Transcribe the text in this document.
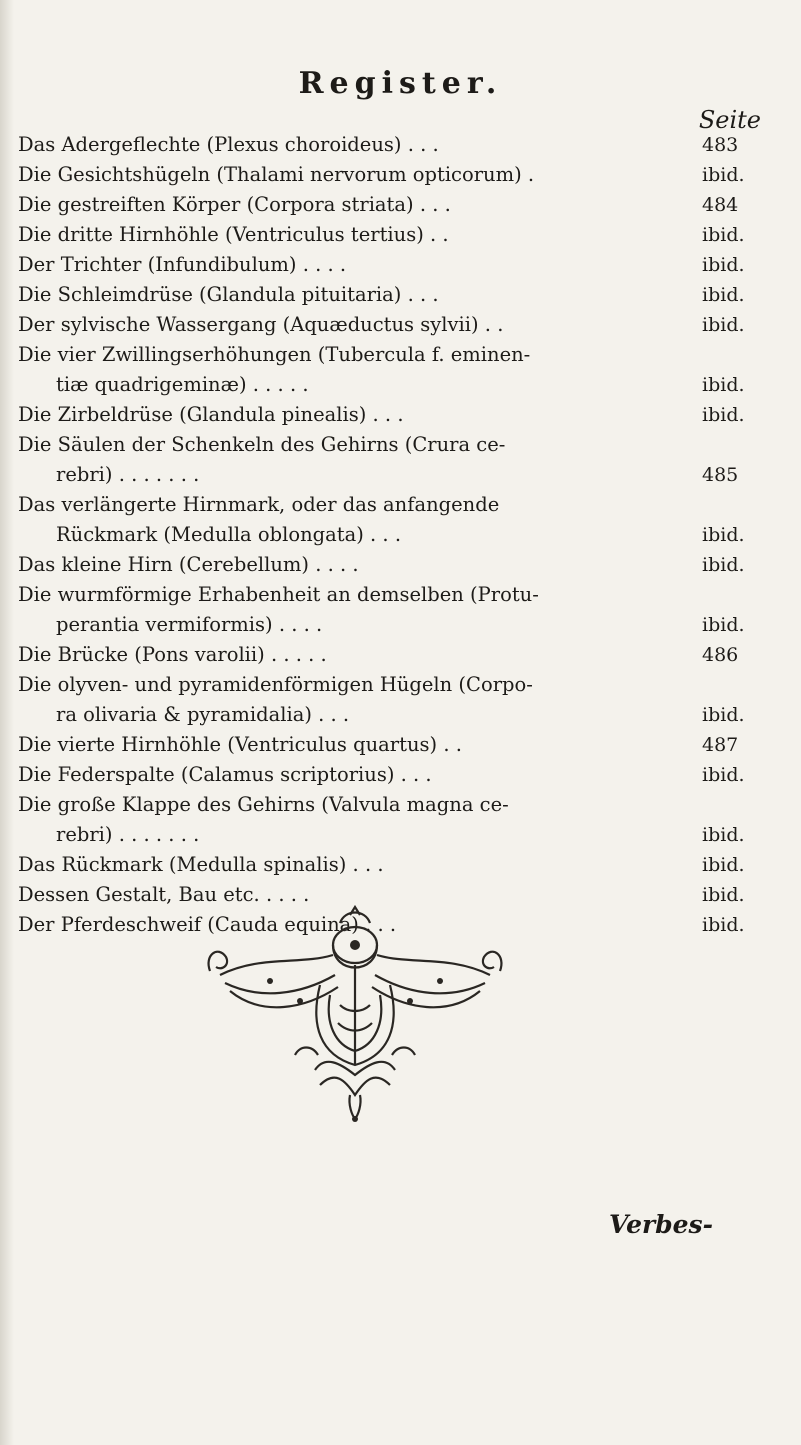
Register.
Seite
Das Adergeflechte (Plexus choroideus) . . .	483
Die Gesichtshügeln (Thalami nervorum opticorum) .	ibid.
Die gestreiften Körper (Corpora striata) . . .	484
Die dritte Hirnhöhle (Ventriculus tertius) . .	ibid.
Der Trichter (Infundibulum) . . . .	ibid.
Die Schleimdrüse (Glandula pituitaria) . . .	ibid.
Der sylvische Wassergang (Aquæductus sylvii) . .	ibid.
Die vier Zwillingserhöhungen (Tubercula f. eminen-
tiæ quadrigeminæ) . . . . .	ibid.
Die Zirbeldrüse (Glandula pinealis) . . .	ibid.
Die Säulen der Schenkeln des Gehirns (Crura ce-
rebri) . . . . . . .	485
Das verlängerte Hirnmark, oder das anfangende
Rückmark (Medulla oblongata) . . .	ibid.
Das kleine Hirn (Cerebellum) . . . .	ibid.
Die wurmförmige Erhabenheit an demselben (Protu-
perantia vermiformis) . . . .	ibid.
Die Brücke (Pons varolii) . . . . .	486
Die olyven- und pyramidenförmigen Hügeln (Corpo-
ra olivaria & pyramidalia) . . .	ibid.
Die vierte Hirnhöhle (Ventriculus quartus) . .	487
Die Federspalte (Calamus scriptorius) . . .	ibid.
Die große Klappe des Gehirns (Valvula magna ce-
rebri) . . . . . . .	ibid.
Das Rückmark (Medulla spinalis) . . .	ibid.
Dessen Gestalt, Bau etc. . . . .	ibid.
Der Pferdeschweif (Cauda equina) . . .	ibid.
Verbes-
